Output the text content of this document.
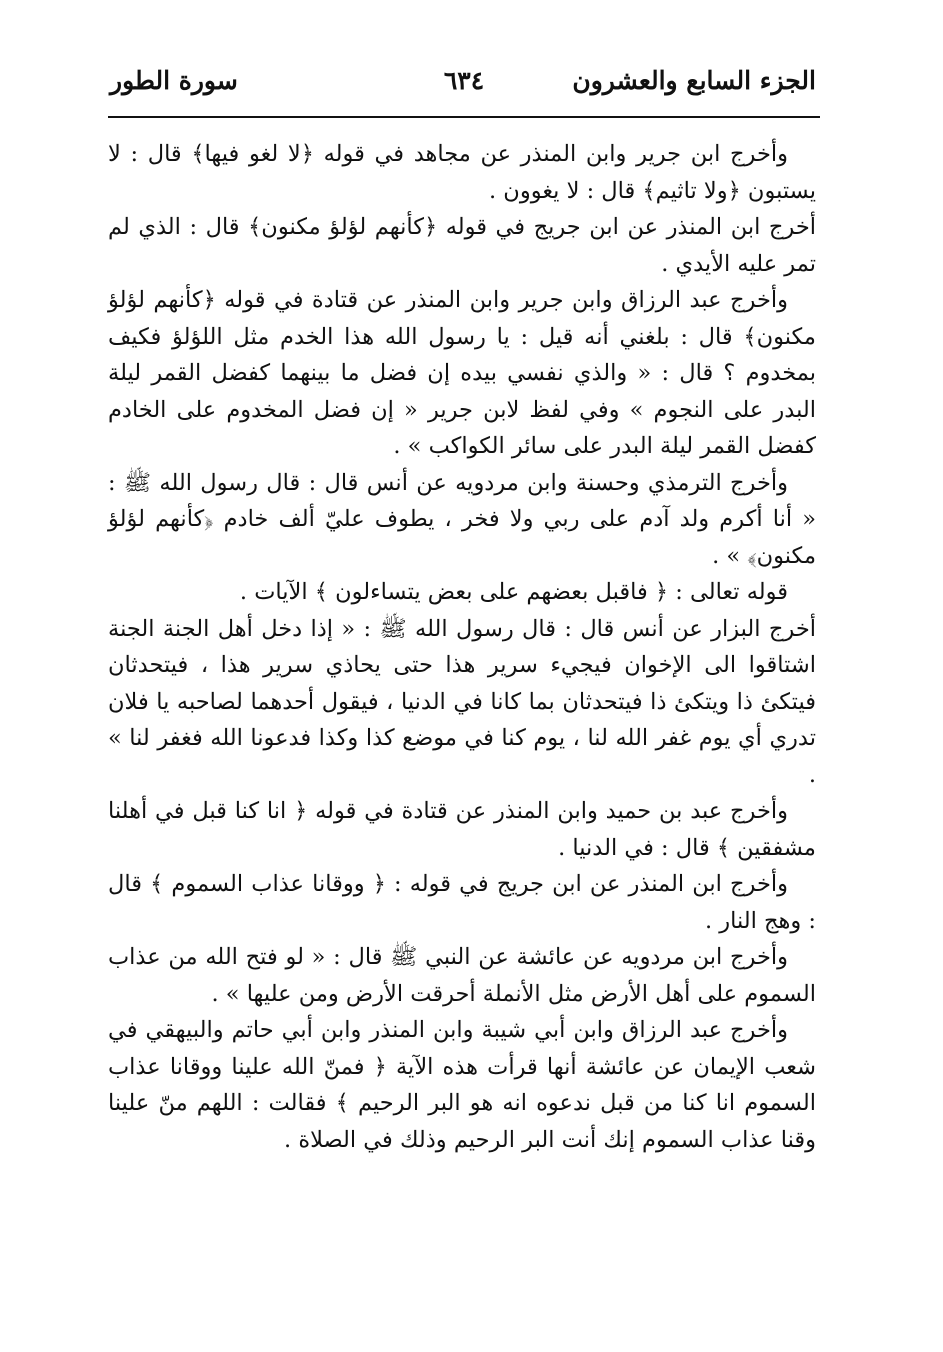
الجزء السابع والعشرون
٦٣٤
سورة الطور

وأخرج ابن جرير وابن المنذر عن مجاهد في قوله ﴿لا لغو فيها﴾ قال : لا يستبون ﴿ولا تاثيم﴾ قال : لا يغوون .

أخرج ابن المنذر عن ابن جريج في قوله ﴿كأنهم لؤلؤ مكنون﴾ قال : الذي لم تمر عليه الأيدي .

وأخرج عبد الرزاق وابن جرير وابن المنذر عن قتادة في قوله ﴿كأنهم لؤلؤ مكنون﴾ قال : بلغني أنه قيل : يا رسول الله هذا الخدم مثل اللؤلؤ فكيف بمخدوم ؟ قال : « والذي نفسي بيده إن فضل ما بينهما كفضل القمر ليلة البدر على النجوم » وفي لفظ لابن جرير « إن فضل المخدوم على الخادم كفضل القمر ليلة البدر على سائر الكواكب » .

وأخرج الترمذي وحسنة وابن مردويه عن أنس قال : قال رسول الله ﷺ : « أنا أكرم ولد آدم على ربي ولا فخر ، يطوف عليّ ألف خادم ﴿كأنهم لؤلؤ مكنون﴾ » .

قوله تعالى : ﴿ فاقبل بعضهم على بعض يتساءلون ﴾ الآيات .

أخرج البزار عن أنس قال : قال رسول الله ﷺ : « إذا دخل أهل الجنة الجنة اشتاقوا الى الإخوان فيجيء سرير هذا حتى يحاذي سرير هذا ، فيتحدثان فيتكئ ذا ويتكئ ذا فيتحدثان بما كانا في الدنيا ، فيقول أحدهما لصاحبه يا فلان تدري أي يوم غفر الله لنا ، يوم كنا في موضع كذا وكذا فدعونا الله فغفر لنا » .

وأخرج عبد بن حميد وابن المنذر عن قتادة في قوله ﴿ انا كنا قبل في أهلنا مشفقين ﴾ قال : في الدنيا .

وأخرج ابن المنذر عن ابن جريج في قوله : ﴿ ووقانا عذاب السموم ﴾ قال : وهج النار .

وأخرج ابن مردويه عن عائشة عن النبي ﷺ قال : « لو فتح الله من عذاب السموم على أهل الأرض مثل الأنملة أحرقت الأرض ومن عليها » .

وأخرج عبد الرزاق وابن أبي شيبة وابن المنذر وابن أبي حاتم والبيهقي في شعب الإيمان عن عائشة أنها قرأت هذه الآية ﴿ فمنّ الله علينا ووقانا عذاب السموم انا كنا من قبل ندعوه انه هو البر الرحيم ﴾ فقالت : اللهم منّ علينا وقنا عذاب السموم إنك أنت البر الرحيم وذلك في الصلاة .
